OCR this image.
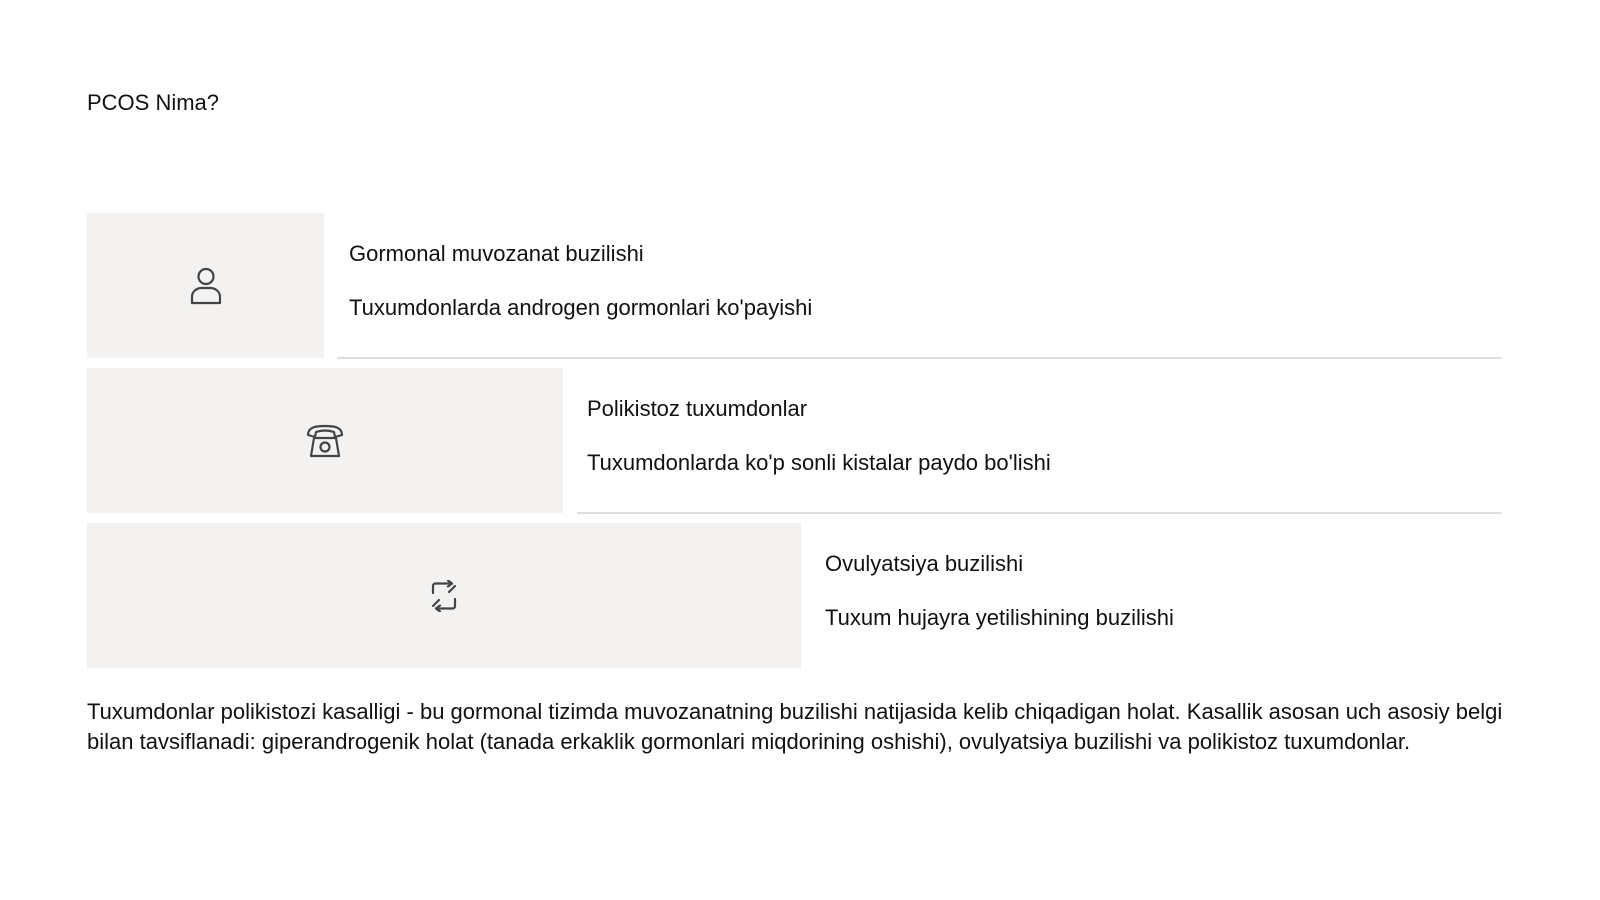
PCOS Nima?
Gormonal muvozanat buzilishi
Tuxumdonlarda androgen gormonlari ko'payishi
Polikistoz tuxumdonlar
Tuxumdonlarda ko'p sonli kistalar paydo bo'lishi
Ovulyatsiya buzilishi
Tuxum hujayra yetilishining buzilishi
Tuxumdonlar polikistozi kasalligi - bu gormonal tizimda muvozanatning buzilishi natijasida kelib chiqadigan holat. Kasallik asosan uch asosiy belgi bilan tavsiflanadi: giperandrogenik holat (tanada erkaklik gormonlari miqdorining oshishi), ovulyatsiya buzilishi va polikistoz tuxumdonlar.
